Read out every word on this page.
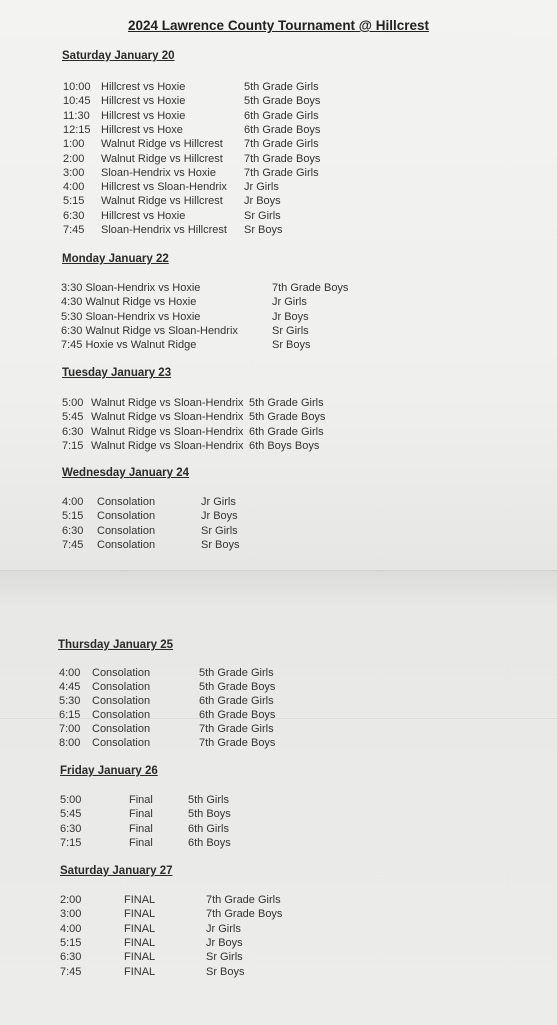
2024 Lawrence County Tournament @ Hillcrest
Saturday January 20
10:00 Hillcrest vs Hoxie	5th Grade Girls
10:45 Hillcrest vs Hoxie	5th Grade Boys
11:30 Hillcrest vs Hoxie	6th Grade Girls
12:15 Hillcrest vs Hoxe	6th Grade Boys
1:00 Walnut Ridge vs Hillcrest 7th Grade Girls
2:00 Walnut Ridge vs Hillcrest 7th Grade Boys
3:00 Sloan-Hendrix vs Hoxie	7th Grade Girls
4:00 Hillcrest vs Sloan-Hendrix Jr Girls
5:15 Walnut Ridge vs Hillcrest Jr Boys
6:30 Hillcrest vs Hoxie	Sr Girls
7:45 Sloan-Hendrix vs Hillcrest Sr Boys
Monday January 22
3:30 Sloan-Hendrix vs Hoxie	7th Grade Boys
4:30 Walnut Ridge vs Hoxie	Jr Girls
5:30 Sloan-Hendrix vs Hoxie	Jr Boys
6:30 Walnut Ridge vs Sloan-Hendrix	Sr Girls
7:45 Hoxie vs Walnut Ridge	Sr Boys
Tuesday January 23
5:00 Walnut Ridge vs Sloan-Hendrix 5th Grade Girls
5:45 Walnut Ridge vs Sloan-Hendrix 5th Grade Boys
6:30 Walnut Ridge vs Sloan-Hendrix 6th Grade Girls
7:15 Walnut Ridge vs Sloan-Hendrix 6th Boys Boys
Wednesday January 24
4:00 Consolation	Jr Girls
5:15 Consolation	Jr Boys
6:30 Consolation	Sr Girls
7:45 Consolation	Sr Boys
Thursday January 25
4:00 Consolation	5th Grade Girls
4:45 Consolation	5th Grade Boys
5:30 Consolation	6th Grade Girls
6:15 Consolation	6th Grade Boys
7:00 Consolation	7th Grade Girls
8:00 Consolation	7th Grade Boys
Friday January 26
5:00	Final	5th Girls
5:45	Final	5th Boys
6:30	Final	6th Girls
7:15	Final	6th Boys
Saturday January 27
2:00	FINAL	7th Grade Girls
3:00	FINAL	7th Grade Boys
4:00	FINAL	Jr Girls
5:15	FINAL	Jr Boys
6:30	FINAL	Sr Girls
7:45	FINAL	Sr Boys
